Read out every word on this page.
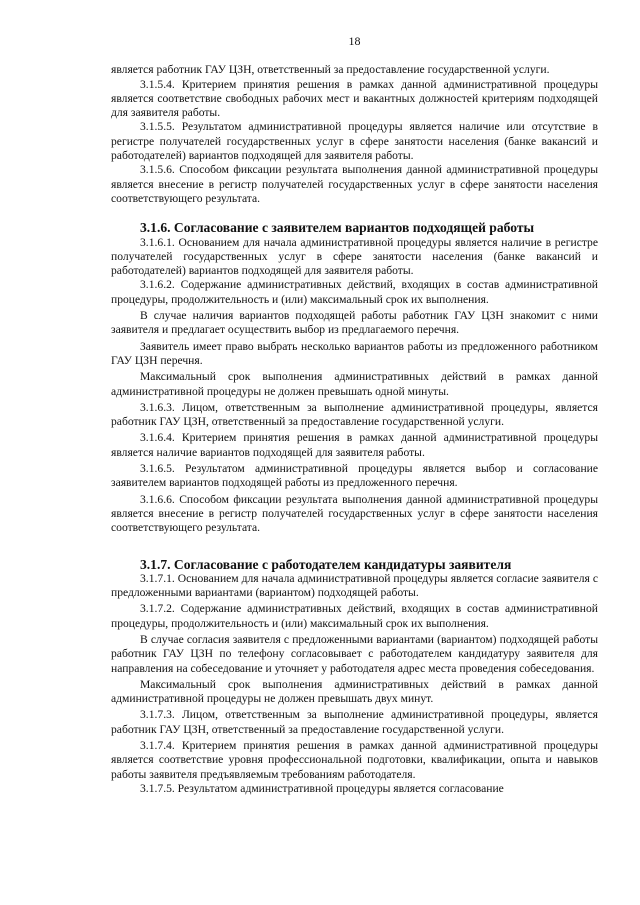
18

является работник ГАУ ЦЗН, ответственный за предоставление государственной услуги.

3.1.5.4. Критерием принятия решения в рамках данной административной процедуры является соответствие свободных рабочих мест и вакантных должностей критериям подходящей для заявителя работы.

3.1.5.5. Результатом административной процедуры является наличие или отсутствие в регистре получателей государственных услуг в сфере занятости населения (банке вакансий и работодателей) вариантов подходящей для заявителя работы.

3.1.5.6. Способом фиксации результата выполнения данной административной процедуры является внесение в регистр получателей государственных услуг в сфере занятости населения соответствующего результата.

3.1.6. Согласование с заявителем вариантов подходящей работы

3.1.6.1. Основанием для начала административной процедуры является наличие в регистре получателей государственных услуг в сфере занятости населения (банке вакансий и работодателей) вариантов подходящей для заявителя работы.

3.1.6.2. Содержание административных действий, входящих в состав административной процедуры, продолжительность и (или) максимальный срок их выполнения.

В случае наличия вариантов подходящей работы работник ГАУ ЦЗН знакомит с ними заявителя и предлагает осуществить выбор из предлагаемого перечня.

Заявитель имеет право выбрать несколько вариантов работы из предложенного работником ГАУ ЦЗН перечня.

Максимальный срок выполнения административных действий в рамках данной административной процедуры не должен превышать одной минуты.

3.1.6.3. Лицом, ответственным за выполнение административной процедуры, является работник ГАУ ЦЗН, ответственный за предоставление государственной услуги.

3.1.6.4. Критерием принятия решения в рамках данной административной процедуры является наличие вариантов подходящей для заявителя работы.

3.1.6.5. Результатом административной процедуры является выбор и согласование заявителем вариантов подходящей работы из предложенного перечня.

3.1.6.6. Способом фиксации результата выполнения данной административной процедуры является внесение в регистр получателей государственных услуг в сфере занятости населения соответствующего результата.

3.1.7. Согласование с работодателем кандидатуры заявителя

3.1.7.1. Основанием для начала административной процедуры является согласие заявителя с предложенными вариантами (вариантом) подходящей работы.

3.1.7.2. Содержание административных действий, входящих в состав административной процедуры, продолжительность и (или) максимальный срок их выполнения.

В случае согласия заявителя с предложенными вариантами (вариантом) подходящей работы работник ГАУ ЦЗН по телефону согласовывает с работодателем кандидатуру заявителя для направления на собеседование и уточняет у работодателя адрес места проведения собеседования.

Максимальный срок выполнения административных действий в рамках данной административной процедуры не должен превышать двух минут.

3.1.7.3. Лицом, ответственным за выполнение административной процедуры, является работник ГАУ ЦЗН, ответственный за предоставление государственной услуги.

3.1.7.4. Критерием принятия решения в рамках данной административной процедуры является соответствие уровня профессиональной подготовки, квалификации, опыта и навыков работы заявителя предъявляемым требованиям работодателя.

3.1.7.5. Результатом административной процедуры является согласование
